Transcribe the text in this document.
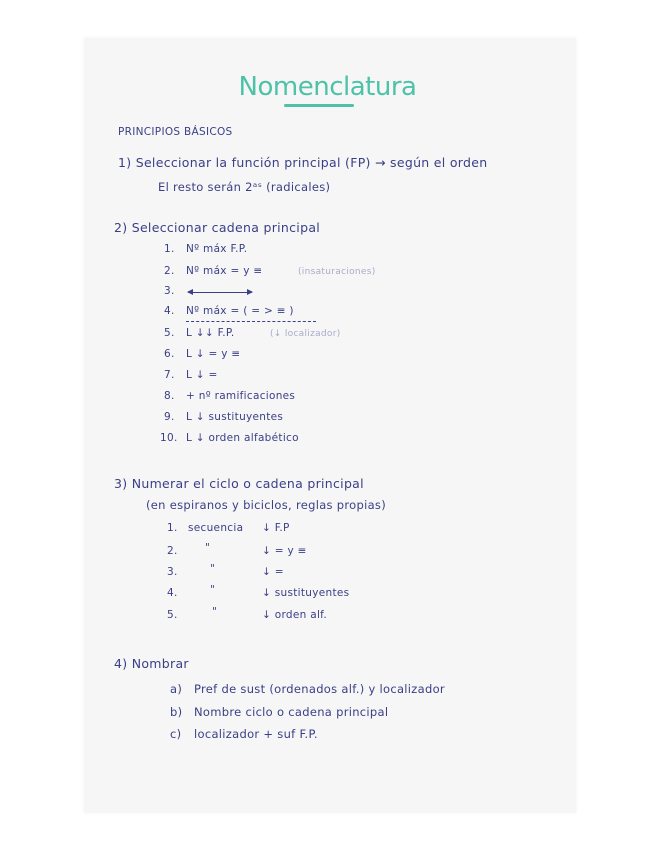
Nomenclatura
PRINCIPIOS BÁSICOS
1) Seleccionar la función principal (FP) → según el orden
El resto serán 2ᵃˢ (radicales)
2) Seleccionar cadena principal
1. Nº máx F.P.
2. Nº máx = y ≡	(insaturaciones)
3.
4. Nº máx = ( = > ≡ )
5. L ↓↓ F.P.	(↓ localizador)
6. L ↓ = y ≡
7. L ↓ =
8. + nº ramificaciones
9. L ↓ sustituyentes
10. L ↓ orden alfabético
3) Numerar el ciclo o cadena principal
(en espiranos y biciclos, reglas propias)
1. secuencia ↓ F.P
2.	"	↓ = y ≡
3.	"	↓ =
4.	"	↓ sustituyentes
5.	"	↓ orden alf.
4) Nombrar
a) Pref de sust (ordenados alf.) y localizador
b) Nombre ciclo o cadena principal
c) localizador + suf F.P.
